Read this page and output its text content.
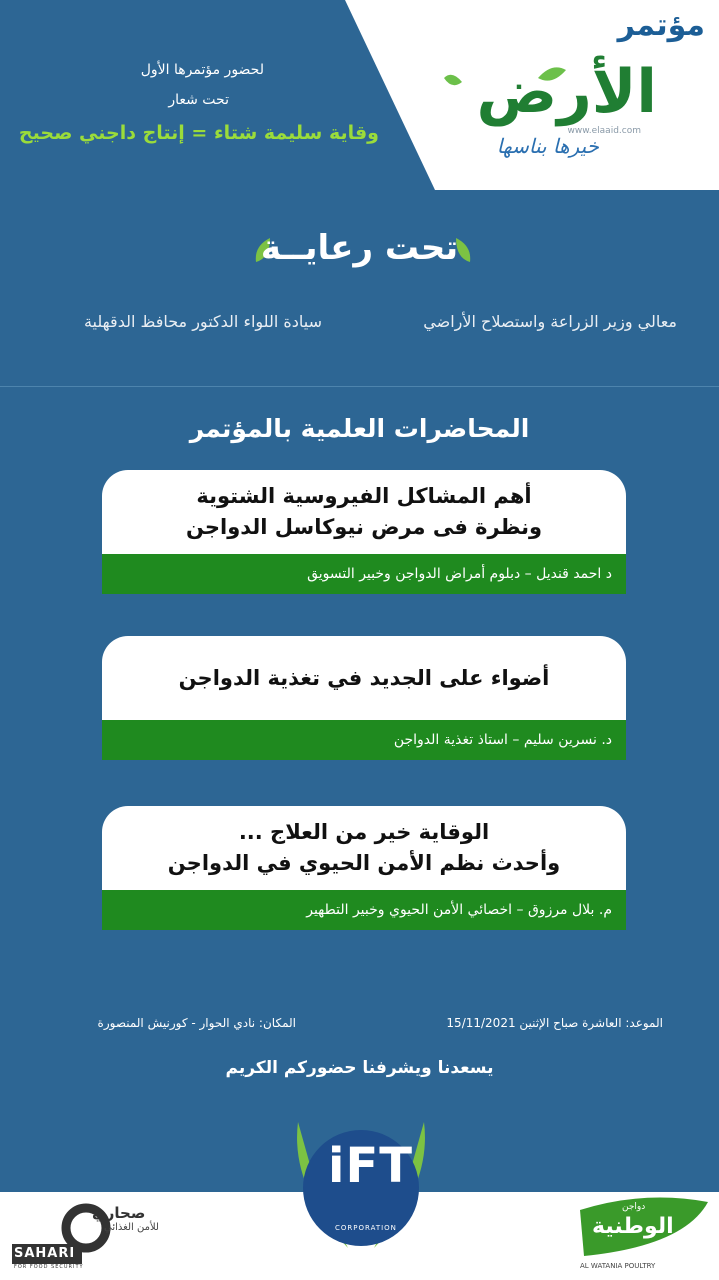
مؤتمر
الأرض
www.elaaid.com
خيرها بناسها
لحضور مؤتمرها الأول
تحت شعار
وقاية سليمة شتاء = إنتاج داجني صحيح
تحت رعايــة
معالي وزير الزراعة واستصلاح الأراضي
سيادة اللواء الدكتور محافظ الدقهلية
المحاضرات العلمية بالمؤتمر
أهم المشاكل الفيروسية الشتوية
ونظرة فى مرض نيوكاسل الدواجن
د احمد قنديل – دبلوم أمراض الدواجن وخبير التسويق
أضواء على الجديد في تغذية الدواجن
د. نسرين سليم – استاذ تغذية الدواجن
الوقاية خير من العلاج ...
وأحدث نظم الأمن الحيوي في الدواجن
م. بلال مرزوق – اخصائي الأمن الحيوي وخبير التطهير
الموعد: العاشرة صباح الإثنين 15/11/2021
المكان: نادي الحوار - كورنيش المنصورة
يسعدنا ويشرفنا حضوركم الكريم
iFT
CORPORATION
صحاري
للأمن الغذائي
SAHARI
FOR FOOD SECURITY
دواجن
الوطنية
AL WATANIA POULTRY
